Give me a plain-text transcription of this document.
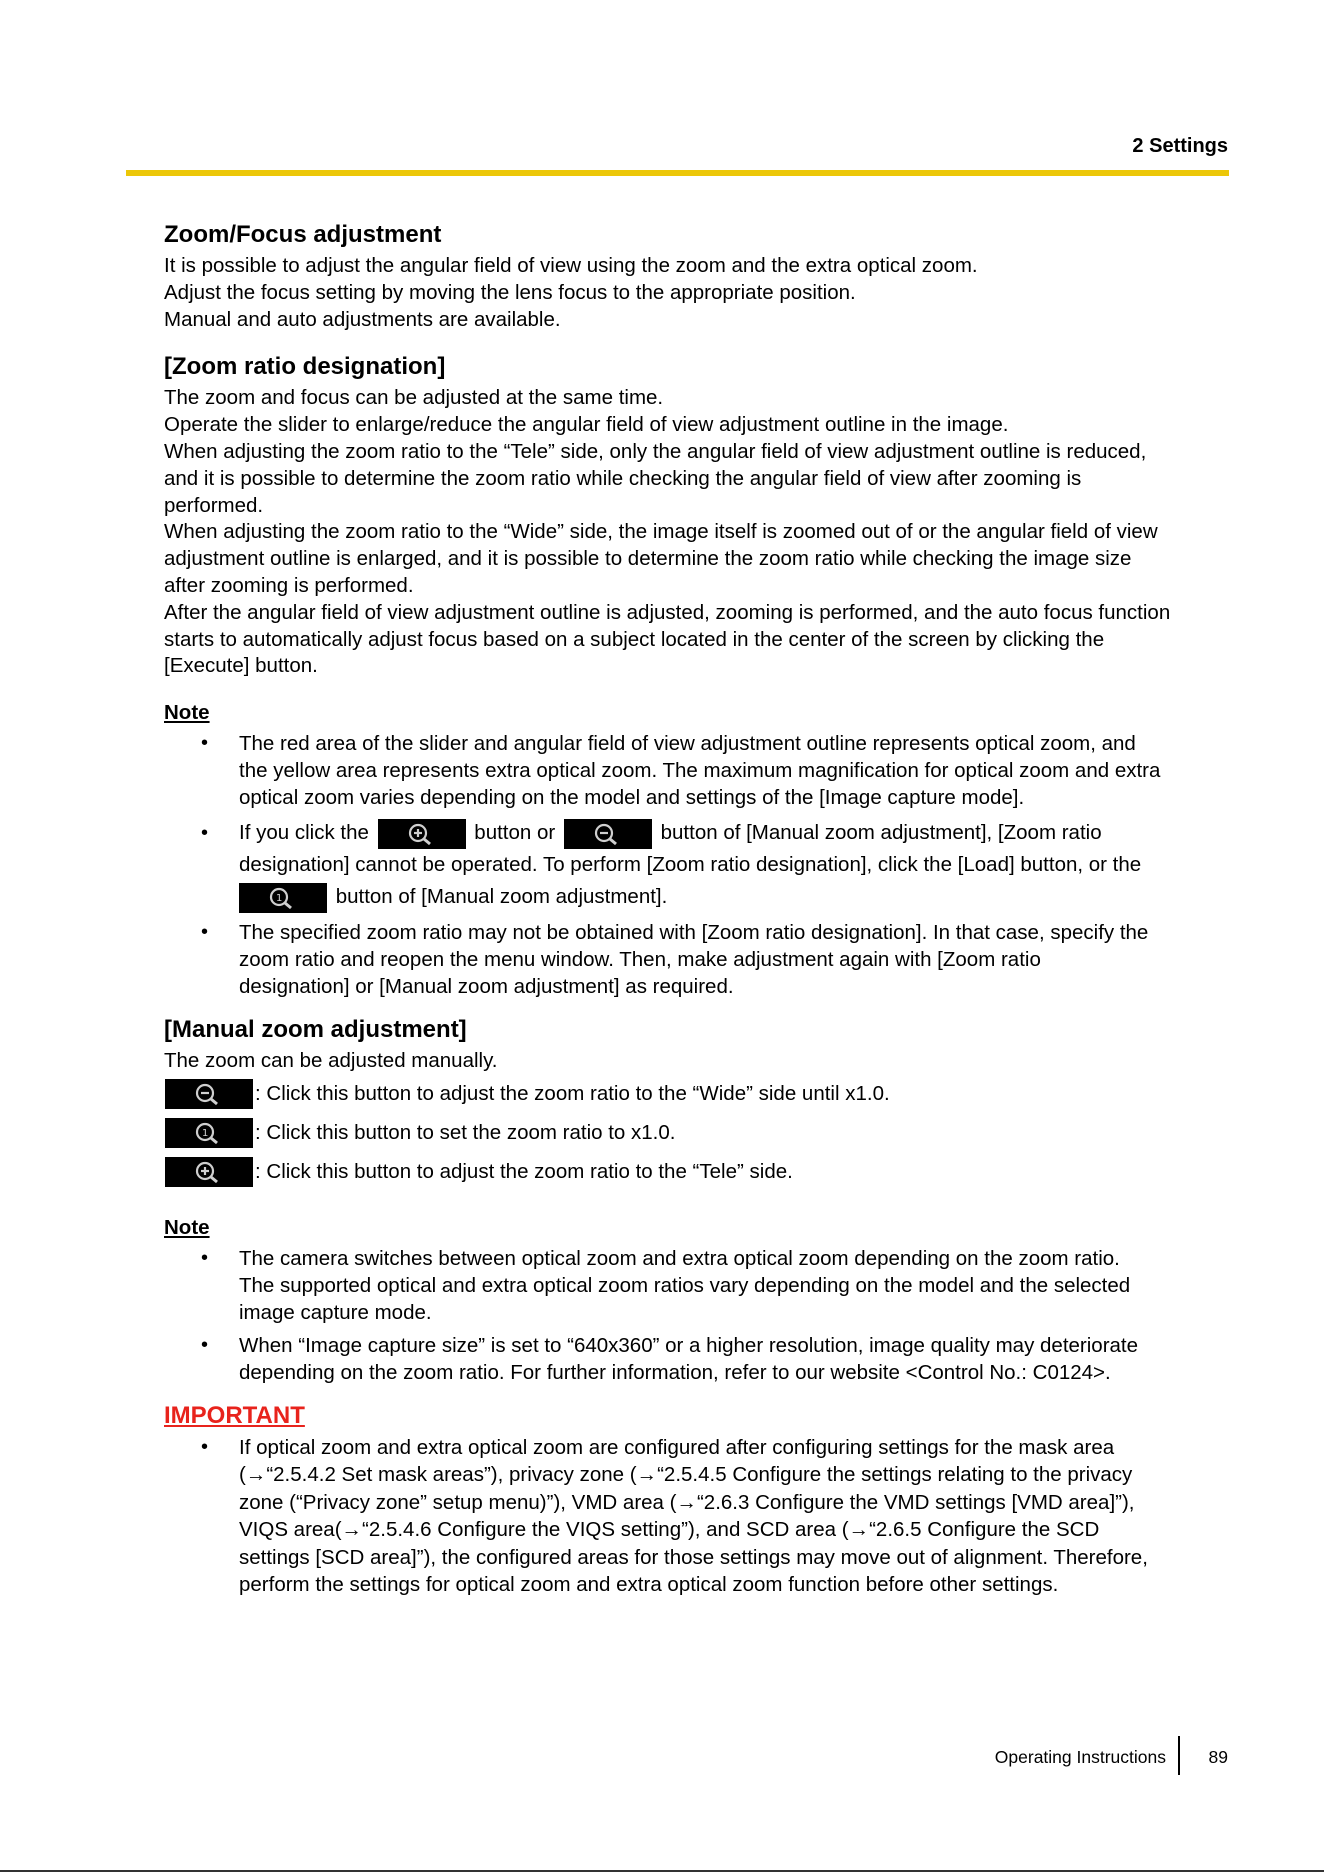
2 Settings
Zoom/Focus adjustment

It is possible to adjust the angular field of view using the zoom and the extra optical zoom.

Adjust the focus setting by moving the lens focus to the appropriate position.

Manual and auto adjustments are available.

[Zoom ratio designation]

The zoom and focus can be adjusted at the same time.

Operate the slider to enlarge/reduce the angular field of view adjustment outline in the image.

When adjusting the zoom ratio to the “Tele” side, only the angular field of view adjustment outline is reduced,

and it is possible to determine the zoom ratio while checking the angular field of view after zooming is

performed.

When adjusting the zoom ratio to the “Wide” side, the image itself is zoomed out of or the angular field of view

adjustment outline is enlarged, and it is possible to determine the zoom ratio while checking the image size

after zooming is performed.

After the angular field of view adjustment outline is adjusted, zooming is performed, and the auto focus function

starts to automatically adjust focus based on a subject located in the center of the screen by clicking the

[Execute] button.

Note
• The red area of the slider and angular field of view adjustment outline represents optical zoom, and
the yellow area represents extra optical zoom. The maximum magnification for optical zoom and extra
optical zoom varies depending on the model and settings of the [Image capture mode].
• If you click the	button or	button of [Manual zoom adjustment], [Zoom ratio
designation] cannot be operated. To perform [Zoom ratio designation], click the [Load] button, or the
1	button of [Manual zoom adjustment].
• The specified zoom ratio may not be obtained with [Zoom ratio designation]. In that case, specify the
zoom ratio and reopen the menu window. Then, make adjustment again with [Zoom ratio
designation] or [Manual zoom adjustment] as required.
[Manual zoom adjustment]

The zoom can be adjusted manually.

: Click this button to adjust the zoom ratio to the “Wide” side until x1.0.
1 : Click this button to set the zoom ratio to x1.0.
: Click this button to adjust the zoom ratio to the “Tele” side.
Note
• The camera switches between optical zoom and extra optical zoom depending on the zoom ratio.
The supported optical and extra optical zoom ratios vary depending on the model and the selected
image capture mode.
• When “Image capture size” is set to “640x360” or a higher resolution, image quality may deteriorate
depending on the zoom ratio. For further information, refer to our website <Control No.: C0124>.
IMPORTANT
• If optical zoom and extra optical zoom are configured after configuring settings for the mask area
(→“2.5.4.2 Set mask areas”), privacy zone (→“2.5.4.5 Configure the settings relating to the privacy
zone (“Privacy zone” setup menu)”), VMD area (→“2.6.3 Configure the VMD settings [VMD area]”),
VIQS area(→“2.5.4.6 Configure the VIQS setting”), and SCD area (→“2.6.5 Configure the SCD
settings [SCD area]”), the configured areas for those settings may move out of alignment. Therefore,
perform the settings for optical zoom and extra optical zoom function before other settings.
Operating Instructions 89
